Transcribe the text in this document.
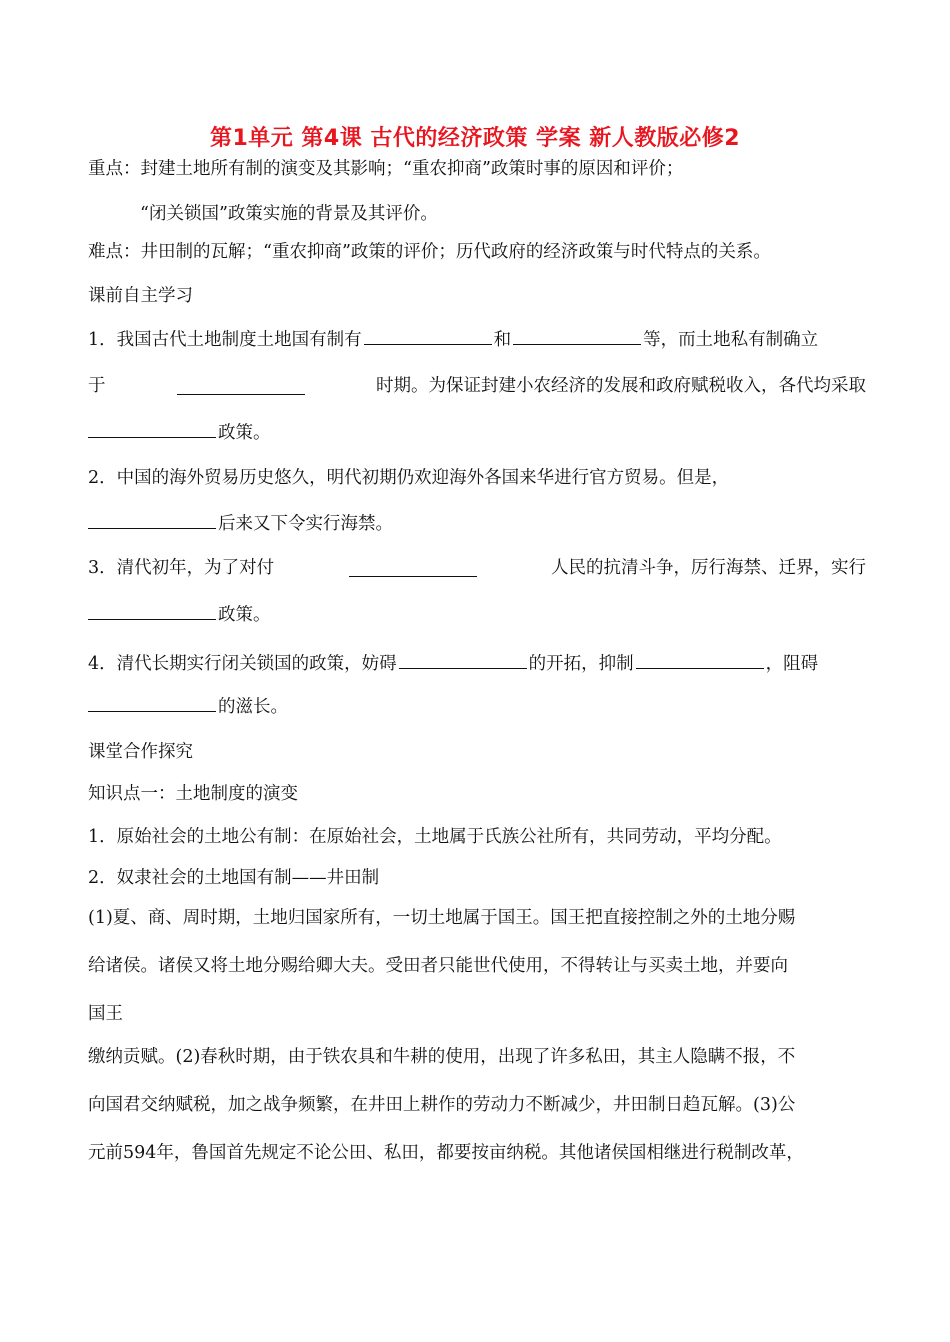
第1单元 第4课 古代的经济政策 学案 新人教版必修2
重点：封建土地所有制的演变及其影响；“重农抑商”政策时事的原因和评价；
“闭关锁国”政策实施的背景及其评价。
难点：井田制的瓦解；“重农抑商”政策的评价；历代政府的经济政策与时代特点的关系。
课前自主学习
1．我国古代土地制度土地国有制有	和	等，而土地私有制确立
于	时期。为保证封建小农经济的发展和政府赋税收入，各代均采取
政策。
2．中国的海外贸易历史悠久，明代初期仍欢迎海外各国来华进行官方贸易。但是，
后来又下令实行海禁。
3．清代初年，为了对付	人民的抗清斗争，厉行海禁、迁界，实行
政策。
4．清代长期实行闭关锁国的政策，妨碍	的开拓，抑制	，阻碍
的滋长。
课堂合作探究
知识点一：土地制度的演变
1．原始社会的土地公有制：在原始社会，土地属于氏族公社所有，共同劳动，平均分配。
2．奴隶社会的土地国有制——井田制
(1)夏、商、周时期，土地归国家所有，一切土地属于国王。国王把直接控制之外的土地分赐
给诸侯。诸侯又将土地分赐给卿大夫。受田者只能世代使用，不得转让与买卖土地，并要向
国王
缴纳贡赋。(2)春秋时期，由于铁农具和牛耕的使用，出现了许多私田，其主人隐瞒不报，不
向国君交纳赋税，加之战争频繁，在井田上耕作的劳动力不断减少，井田制日趋瓦解。(3)公
元前594年，鲁国首先规定不论公田、私田，都要按亩纳税。其他诸侯国相继进行税制改革，
